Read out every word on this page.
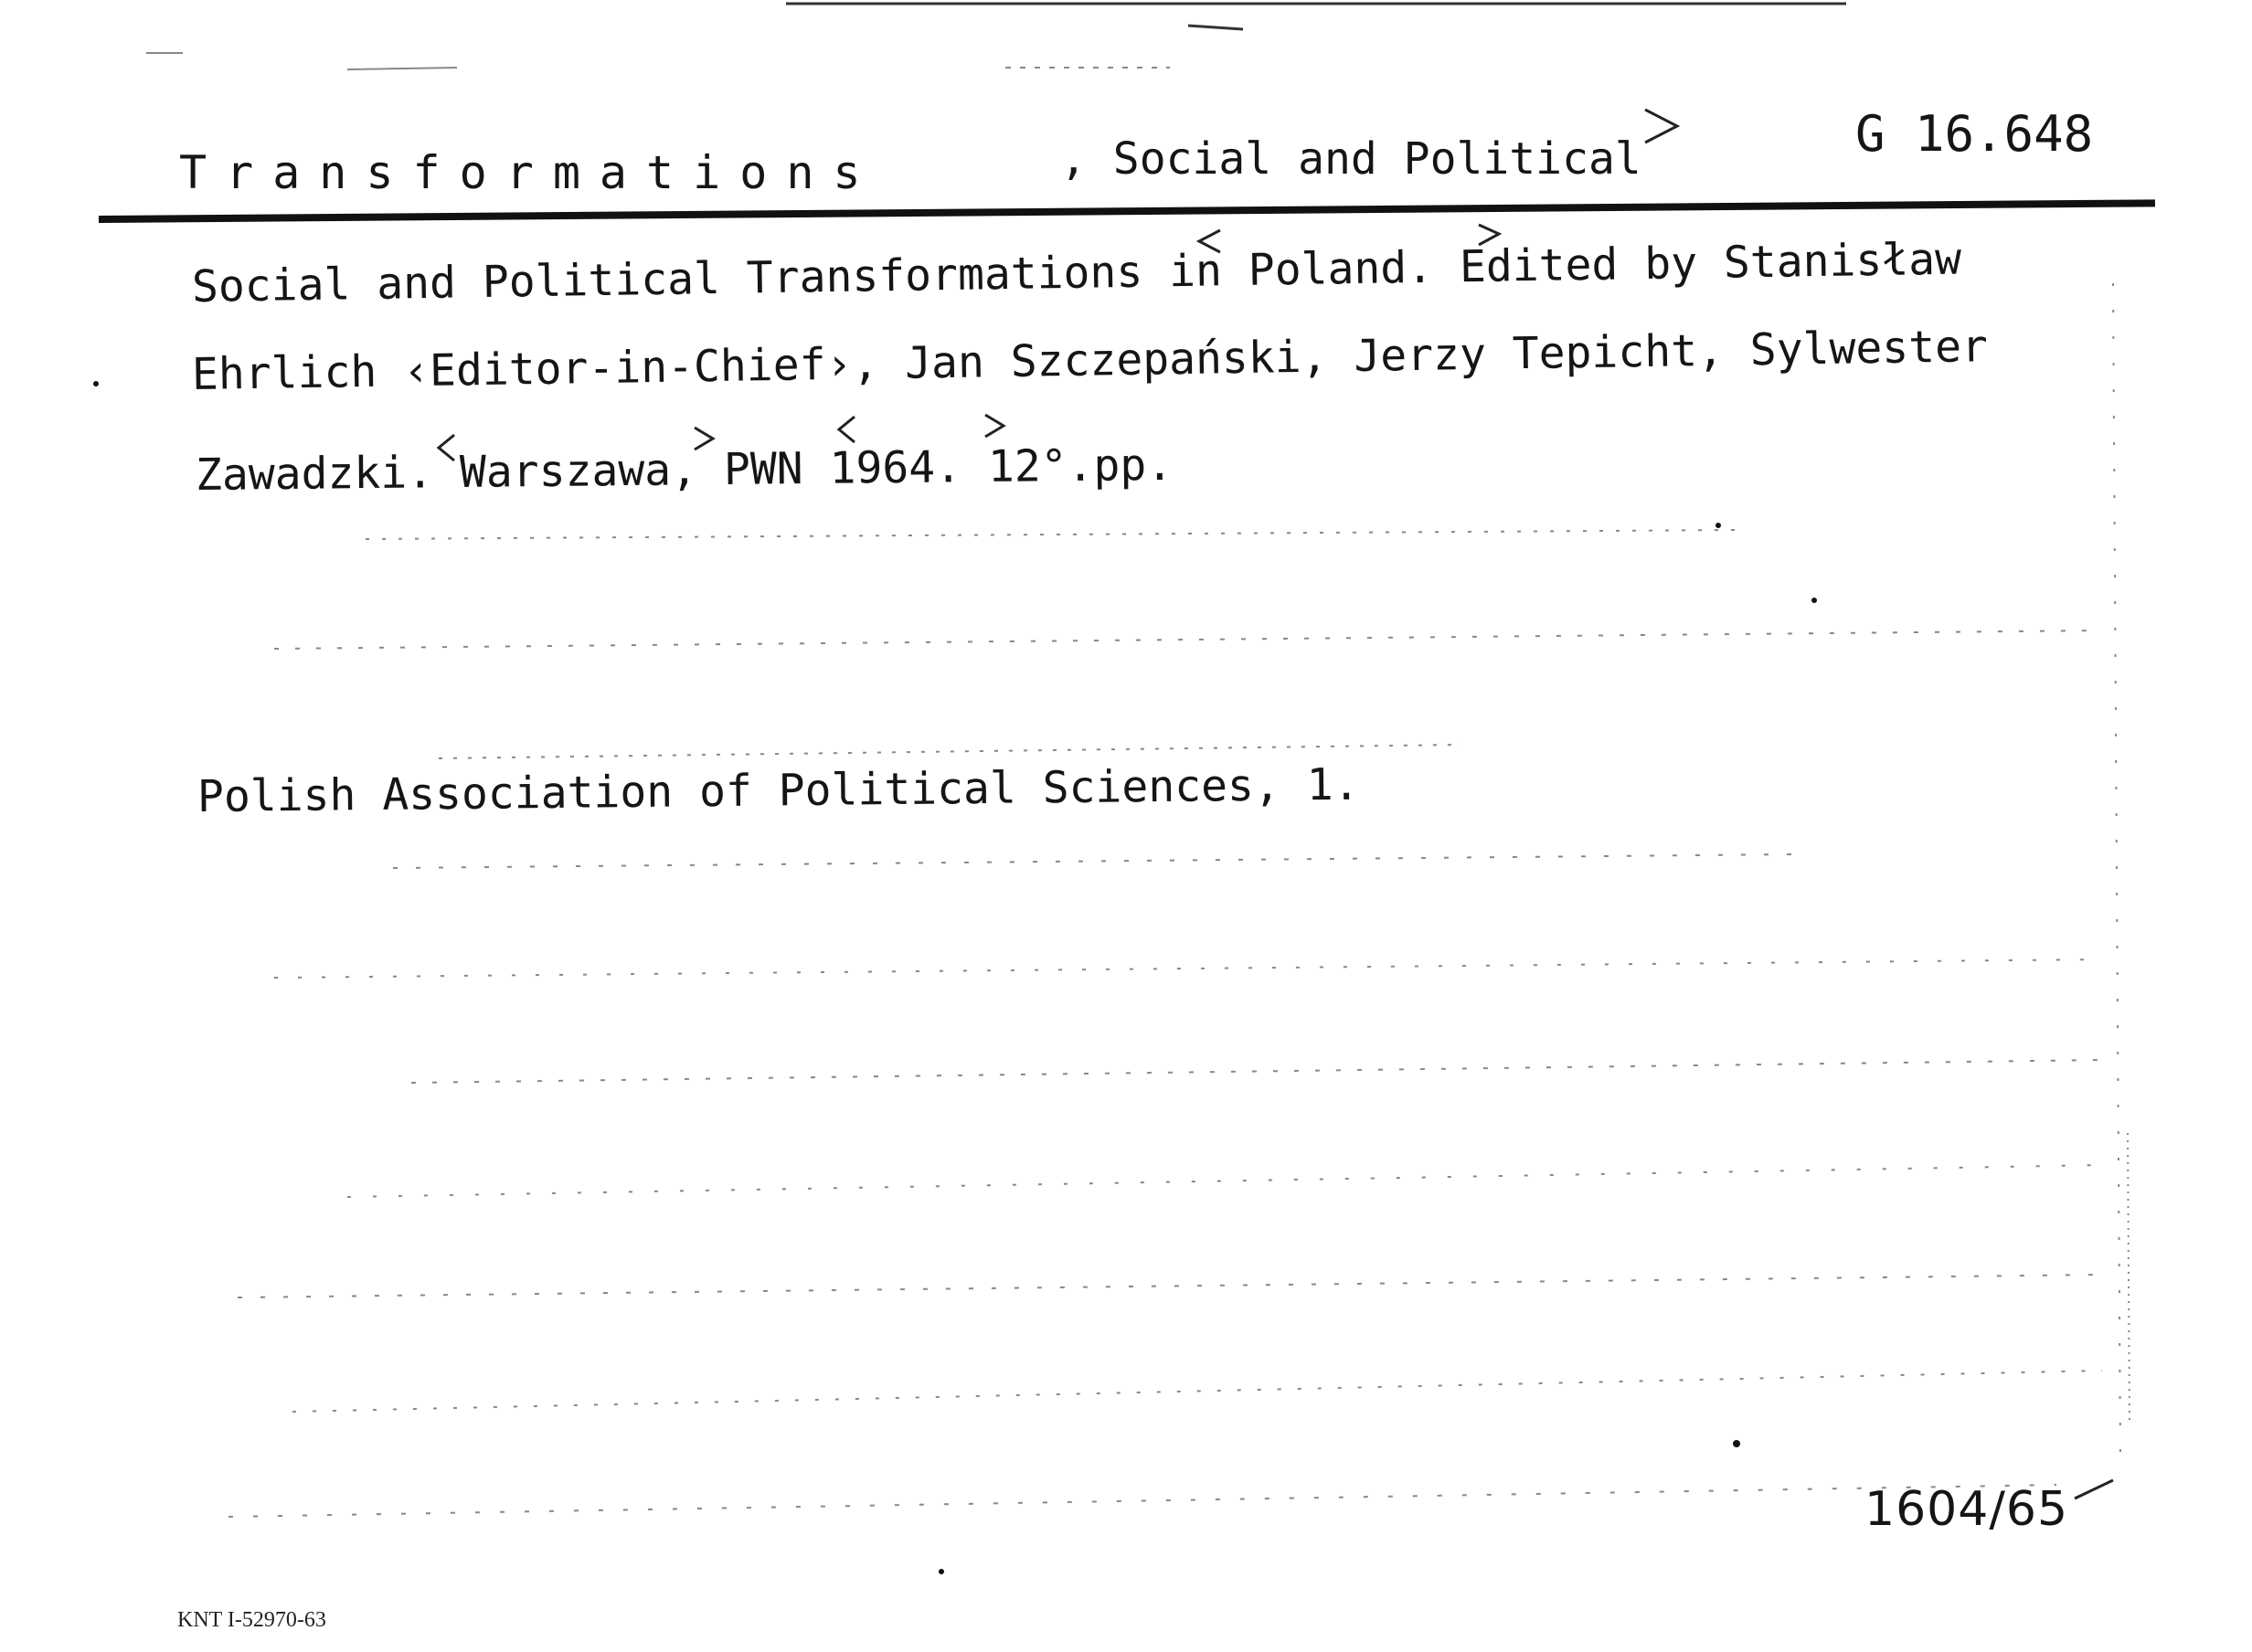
Transformations	, Social and Political	G 16.648
Social and Political Transformations in Poland. Edited by Stanisław
Ehrlich ‹Editor-in-Chief›, Jan Szczepański, Jerzy Tepicht, Sylwester
Zawadzki. Warszawa, PWN 1964. 12°.pp.
Polish Association of Political Sciences, 1.
1604/65
KNT I-52970-63
